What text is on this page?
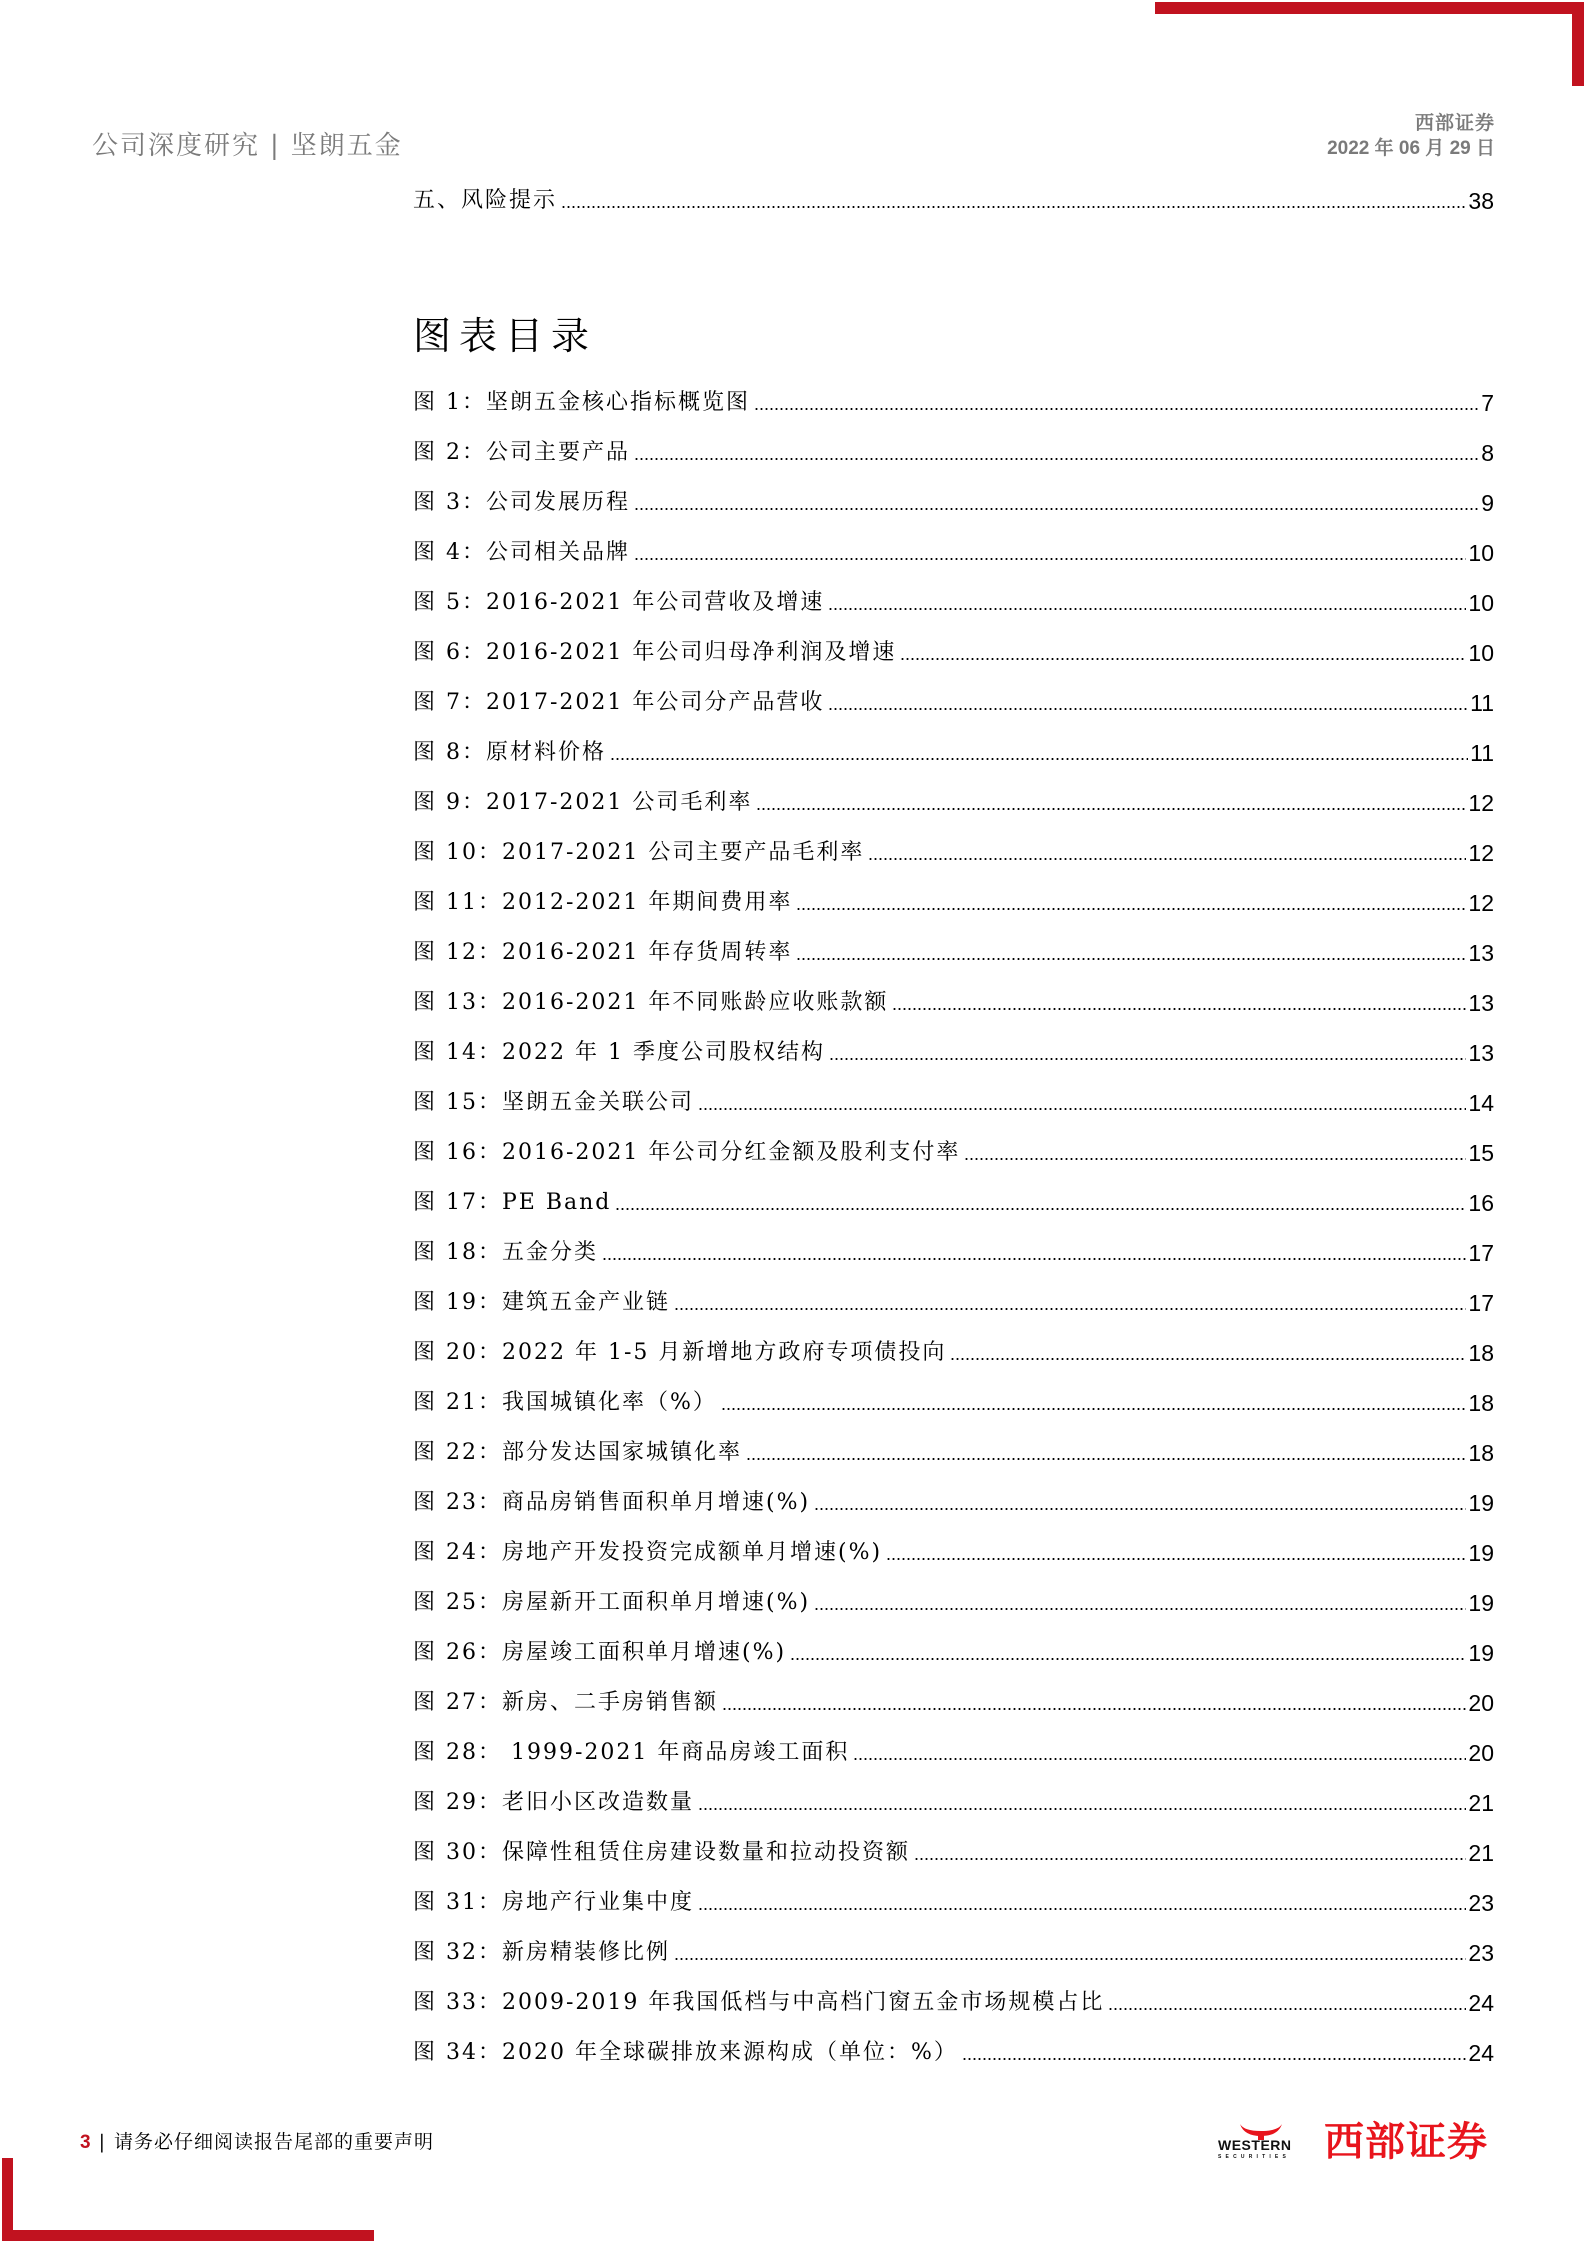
公司深度研究 | 坚朗五金
西部证券
2022 年 06 月 29 日
五、风险提示	38
图表目录
图 1：坚朗五金核心指标概览图	7
图 2：公司主要产品	8
图 3：公司发展历程	9
图 4：公司相关品牌	10
图 5：2016-2021 年公司营收及增速	10
图 6：2016-2021 年公司归母净利润及增速	10
图 7：2017-2021 年公司分产品营收	11
图 8：原材料价格	11
图 9：2017-2021 公司毛利率	12
图 10：2017-2021 公司主要产品毛利率	12
图 11：2012-2021 年期间费用率	12
图 12：2016-2021 年存货周转率	13
图 13：2016-2021 年不同账龄应收账款额	13
图 14：2022 年 1 季度公司股权结构	13
图 15：坚朗五金关联公司	14
图 16：2016-2021 年公司分红金额及股利支付率	15
图 17：PE Band	16
图 18：五金分类	17
图 19：建筑五金产业链	17
图 20：2022 年 1-5 月新增地方政府专项债投向	18
图 21：我国城镇化率（%）	18
图 22：部分发达国家城镇化率	18
图 23：商品房销售面积单月增速(%)	19
图 24：房地产开发投资完成额单月增速(%)	19
图 25：房屋新开工面积单月增速(%)	19
图 26：房屋竣工面积单月增速(%)	19
图 27：新房、二手房销售额	20
图 28： 1999-2021 年商品房竣工面积	20
图 29：老旧小区改造数量	21
图 30：保障性租赁住房建设数量和拉动投资额	21
图 31：房地产行业集中度	23
图 32：新房精装修比例	23
图 33：2009-2019 年我国低档与中高档门窗五金市场规模占比	24
图 34：2020 年全球碳排放来源构成（单位：%）	24
3 | 请务必仔细阅读报告尾部的重要声明	WESTERN
SECURITIES 西部证券
